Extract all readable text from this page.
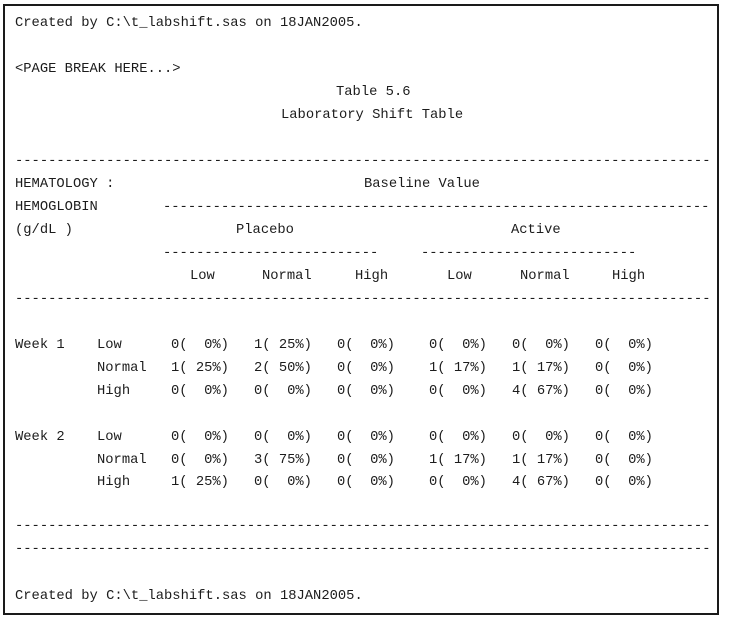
Created by C:\t_labshift.sas on 18JAN2005.
<PAGE BREAK HERE...>
Table 5.6
Laboratory Shift Table
------------------------------------------------------------------------------------
HEMATOLOGY :	Baseline Value
HEMOGLOBIN	------------------------------------------------------------------
(g/dL )	Placebo	Active
--------------------------	--------------------------
Low	Normal	High	Low	Normal	High
------------------------------------------------------------------------------------
Week 1 Low	0(  0%) 1( 25%) 0(  0%) 0(  0%) 0(  0%) 0(  0%)
Normal 1( 25%) 2( 50%) 0(  0%) 1( 17%) 1( 17%) 0(  0%)
High	0(  0%) 0(  0%) 0(  0%) 0(  0%) 4( 67%) 0(  0%)
Week 2 Low	0(  0%) 0(  0%) 0(  0%) 0(  0%) 0(  0%) 0(  0%)
Normal 0(  0%) 3( 75%) 0(  0%) 1( 17%) 1( 17%) 0(  0%)
High	1( 25%) 0(  0%) 0(  0%) 0(  0%) 4( 67%) 0(  0%)
------------------------------------------------------------------------------------
------------------------------------------------------------------------------------
Created by C:\t_labshift.sas on 18JAN2005.
